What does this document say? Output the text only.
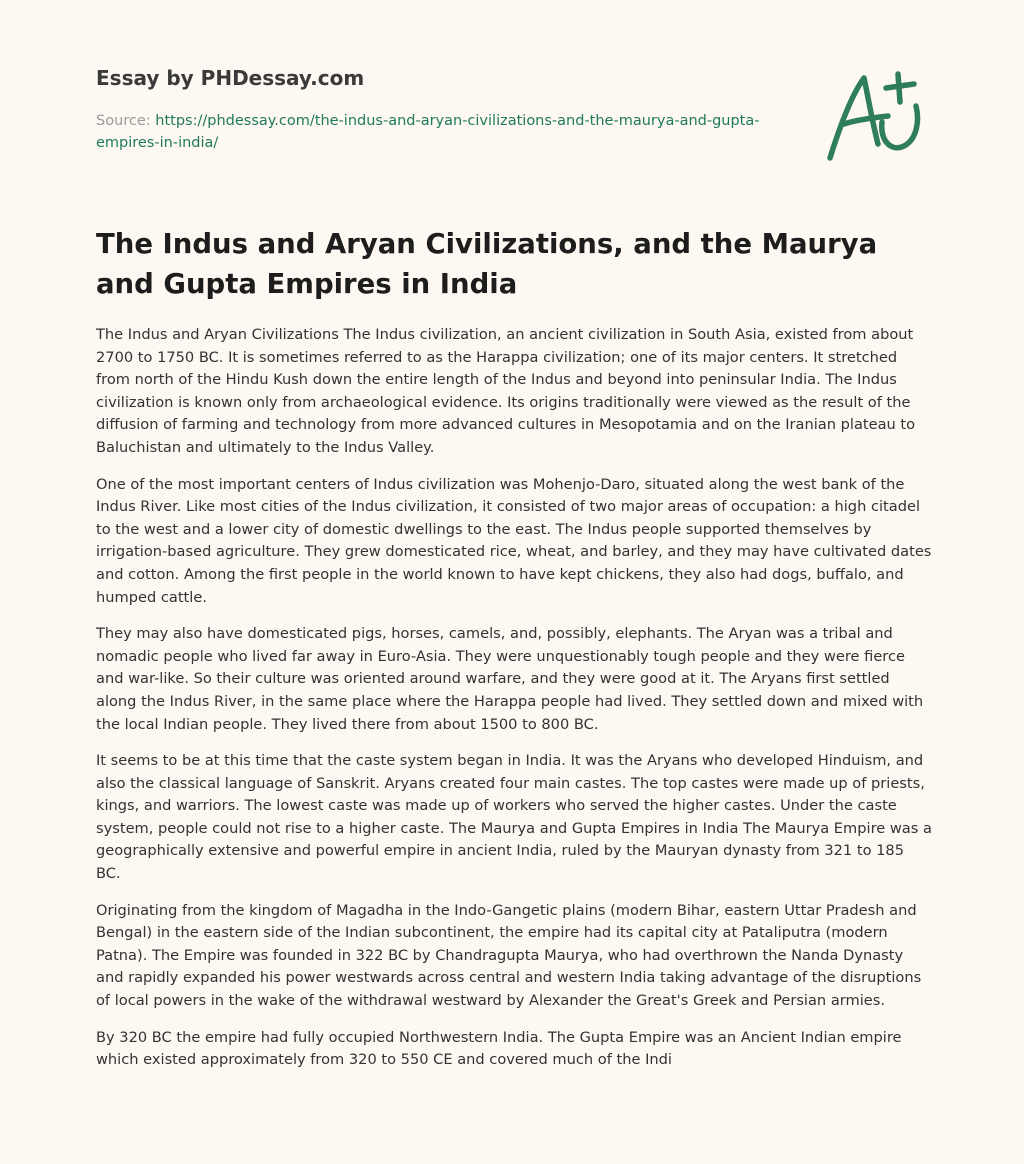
Essay by PHDessay.com
Source: https://phdessay.com/the-indus-and-aryan-civilizations-and-the-maurya-and-gupta-empires-in-india/
The Indus and Aryan Civilizations, and the Maurya and Gupta Empires in India

The Indus and Aryan Civilizations The Indus civilization, an ancient civilization in South Asia, existed from about 2700 to 1750 BC. It is sometimes referred to as the Harappa civilization; one of its major centers. It stretched from north of the Hindu Kush down the entire length of the Indus and beyond into peninsular India. The Indus civilization is known only from archaeological evidence. Its origins traditionally were viewed as the result of the diffusion of farming and technology from more advanced cultures in Mesopotamia and on the Iranian plateau to Baluchistan and ultimately to the Indus Valley.

One of the most important centers of Indus civilization was Mohenjo-Daro, situated along the west bank of the Indus River. Like most cities of the Indus civilization, it consisted of two major areas of occupation: a high citadel to the west and a lower city of domestic dwellings to the east. The Indus people supported themselves by irrigation-based agriculture. They grew domesticated rice, wheat, and barley, and they may have cultivated dates and cotton. Among the first people in the world known to have kept chickens, they also had dogs, buffalo, and humped cattle.

They may also have domesticated pigs, horses, camels, and, possibly, elephants. The Aryan was a tribal and nomadic people who lived far away in Euro-Asia. They were unquestionably tough people and they were fierce and war-like. So their culture was oriented around warfare, and they were good at it. The Aryans first settled along the Indus River, in the same place where the Harappa people had lived. They settled down and mixed with the local Indian people. They lived there from about 1500 to 800 BC.

It seems to be at this time that the caste system began in India. It was the Aryans who developed Hinduism, and also the classical language of Sanskrit. Aryans created four main castes. The top castes were made up of priests, kings, and warriors. The lowest caste was made up of workers who served the higher castes. Under the caste system, people could not rise to a higher caste. The Maurya and Gupta Empires in India The Maurya Empire was a geographically extensive and powerful empire in ancient India, ruled by the Mauryan dynasty from 321 to 185 BC.

Originating from the kingdom of Magadha in the Indo-Gangetic plains (modern Bihar, eastern Uttar Pradesh and Bengal) in the eastern side of the Indian subcontinent, the empire had its capital city at Pataliputra (modern Patna). The Empire was founded in 322 BC by Chandragupta Maurya, who had overthrown the Nanda Dynasty and rapidly expanded his power westwards across central and western India taking advantage of the disruptions of local powers in the wake of the withdrawal westward by Alexander the Great's Greek and Persian armies.

By 320 BC the empire had fully occupied Northwestern India. The Gupta Empire was an Ancient Indian empire which existed approximately from 320 to 550 CE and covered much of the Indi
